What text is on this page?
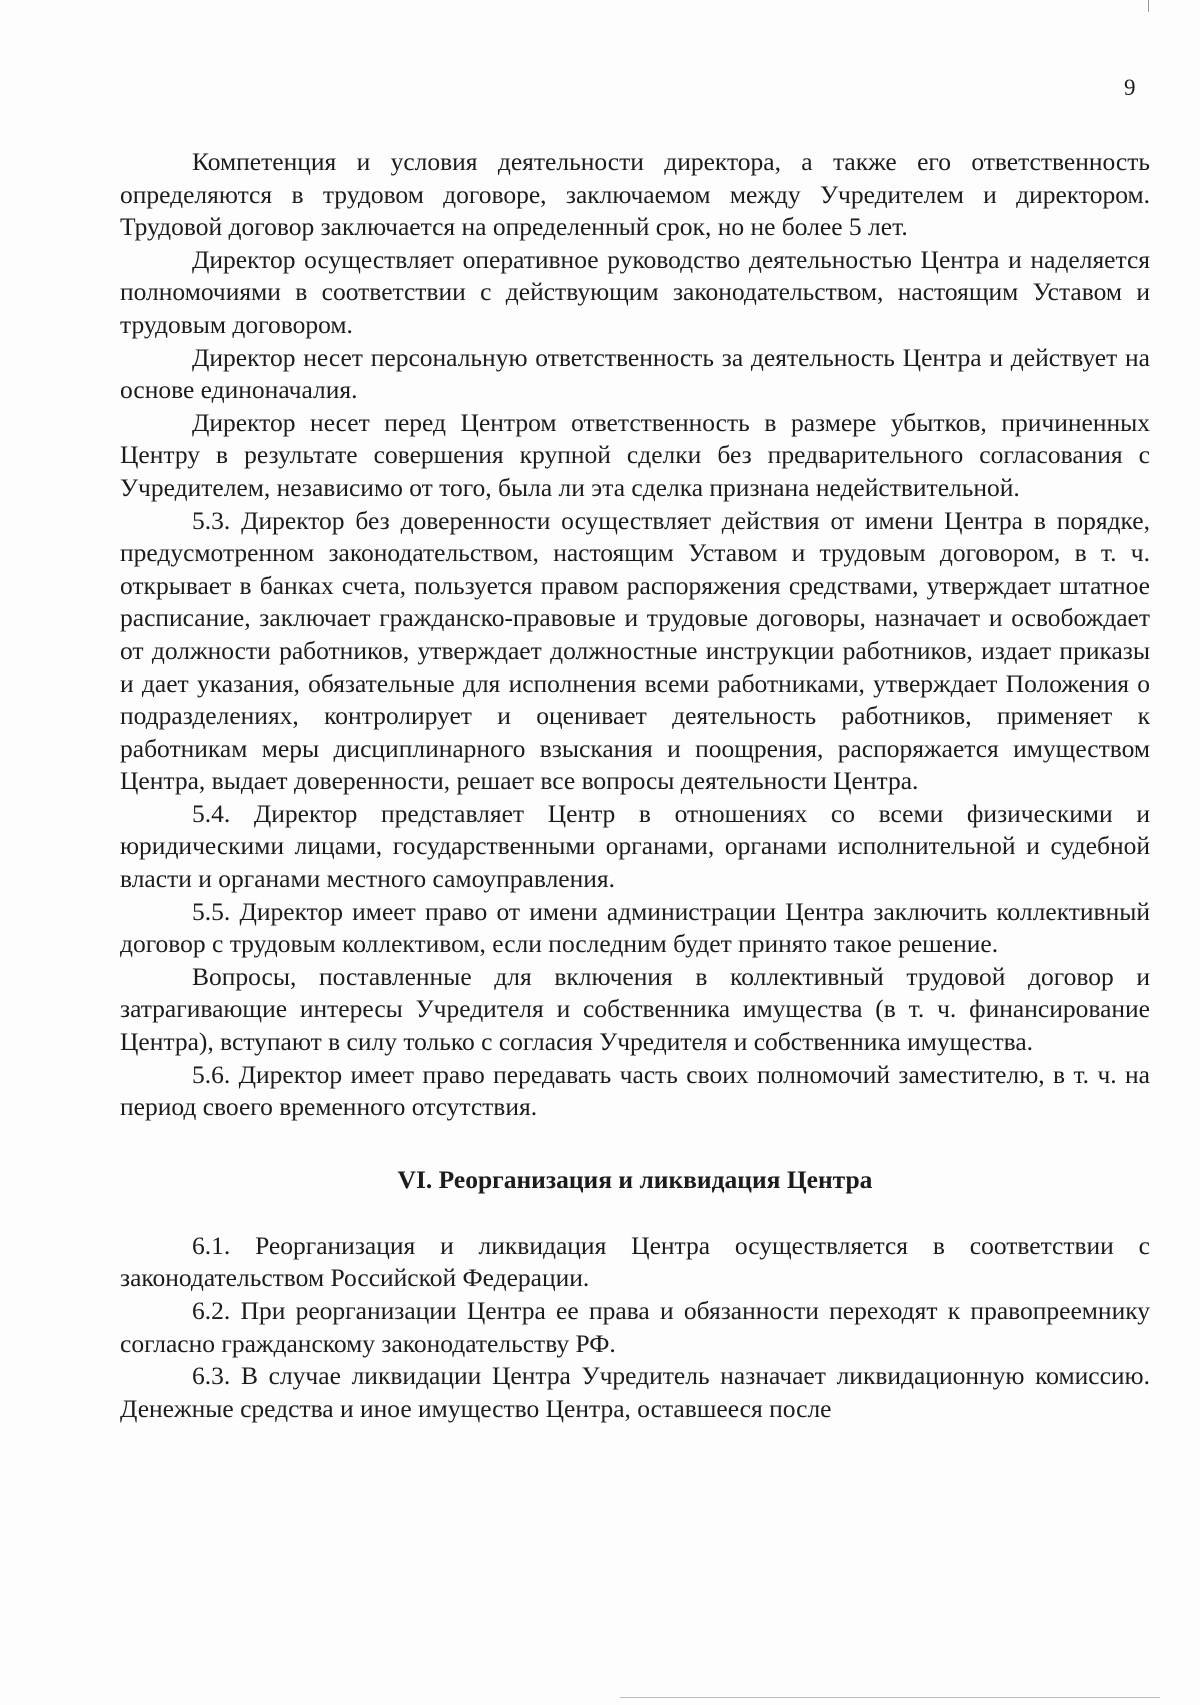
9

Компетенция и условия деятельности директора, а также его ответственность определяются в трудовом договоре, заключаемом между Учредителем и директором. Трудовой договор заключается на определенный срок, но не более 5 лет.

Директор осуществляет оперативное руководство деятельностью Центра и наделяется полномочиями в соответствии с действующим законодательством, настоящим Уставом и трудовым договором.

Директор несет персональную ответственность за деятельность Центра и действует на основе единоначалия.

Директор несет перед Центром ответственность в размере убытков, причиненных Центру в результате совершения крупной сделки без предварительного согласования с Учредителем, независимо от того, была ли эта сделка признана недействительной.

5.3. Директор без доверенности осуществляет действия от имени Центра в порядке, предусмотренном законодательством, настоящим Уставом и трудовым договором, в т. ч. открывает в банках счета, пользуется правом распоряжения средствами, утверждает штатное расписание, заключает гражданско-правовые и трудовые договоры, назначает и освобождает от должности работников, утверждает должностные инструкции работников, издает приказы и дает указания, обязательные для исполнения всеми работниками, утверждает Положения о подразделениях, контролирует и оценивает деятельность работников, применяет к работникам меры дисциплинарного взыскания и поощрения, распоряжается имуществом Центра, выдает доверенности, решает все вопросы деятельности Центра.

5.4. Директор представляет Центр в отношениях со всеми физическими и юридическими лицами, государственными органами, органами исполнительной и судебной власти и органами местного самоуправления.

5.5. Директор имеет право от имени администрации Центра заключить коллективный договор с трудовым коллективом, если последним будет принято такое решение.

Вопросы, поставленные для включения в коллективный трудовой договор и затрагивающие интересы Учредителя и собственника имущества (в т. ч. финансирование Центра), вступают в силу только с согласия Учредителя и собственника имущества.

5.6. Директор имеет право передавать часть своих полномочий заместителю, в т. ч. на период своего временного отсутствия.

VI. Реорганизация и ликвидация Центра

6.1. Реорганизация и ликвидация Центра осуществляется в соответствии с законодательством Российской Федерации.

6.2. При реорганизации Центра ее права и обязанности переходят к правопреемнику согласно гражданскому законодательству РФ.

6.3. В случае ликвидации Центра Учредитель назначает ликвидационную комиссию. Денежные средства и иное имущество Центра, оставшееся после
